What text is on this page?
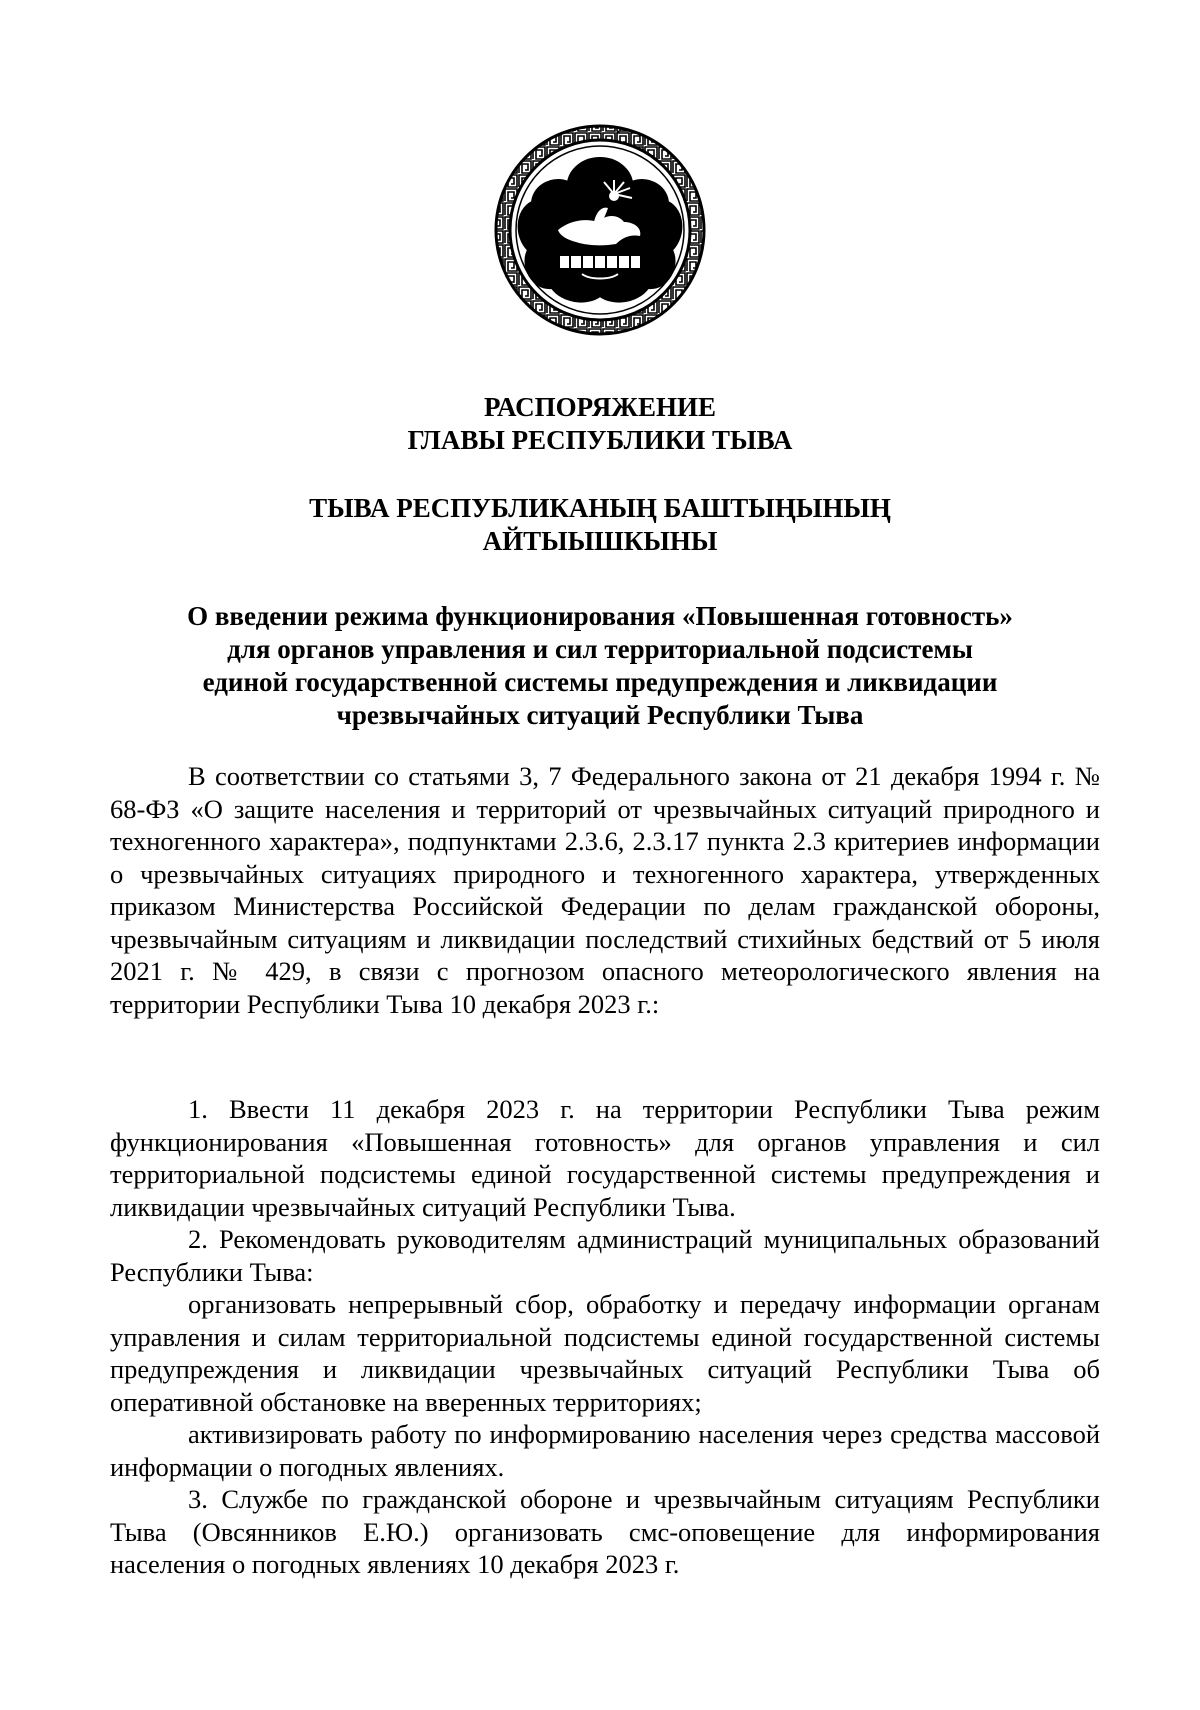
РАСПОРЯЖЕНИЕ
ГЛАВЫ РЕСПУБЛИКИ ТЫВА
ТЫВА РЕСПУБЛИКАНЫҢ БАШТЫҢЫНЫҢ
АЙТЫЫШКЫНЫ
О введении режима функционирования «Повышенная готовность»
для органов управления и сил территориальной подсистемы
единой государственной системы предупреждения и ликвидации
чрезвычайных ситуаций Республики Тыва

В соответствии со статьями 3, 7 Федерального закона от 21 декабря 1994 г. № 68-ФЗ «О защите населения и территорий от чрезвычайных ситуаций природного и техногенного характера», подпунктами 2.3.6, 2.3.17 пункта 2.3 критериев информации о чрезвычайных ситуациях природного и техногенного характера, утвержденных приказом Министерства Российской Федерации по делам гражданской обороны, чрезвычайным ситуациям и ликвидации последствий стихийных бедствий от 5 июля 2021 г. № 429, в связи с прогнозом опасного метеорологического явления на территории Республики Тыва 10 декабря 2023 г.:

1. Ввести 11 декабря 2023 г. на территории Республики Тыва режим функционирования «Повышенная готовность» для органов управления и сил территориальной подсистемы единой государственной системы предупреждения и ликвидации чрезвычайных ситуаций Республики Тыва.

2. Рекомендовать руководителям администраций муниципальных образований Республики Тыва:

организовать непрерывный сбор, обработку и передачу информации органам управления и силам территориальной подсистемы единой государственной системы предупреждения и ликвидации чрезвычайных ситуаций Республики Тыва об оперативной обстановке на вверенных территориях;

активизировать работу по информированию населения через средства массовой информации о погодных явлениях.

3. Службе по гражданской обороне и чрезвычайным ситуациям Республики Тыва (Овсянников Е.Ю.) организовать смс-оповещение для информирования населения о погодных явлениях 10 декабря 2023 г.
